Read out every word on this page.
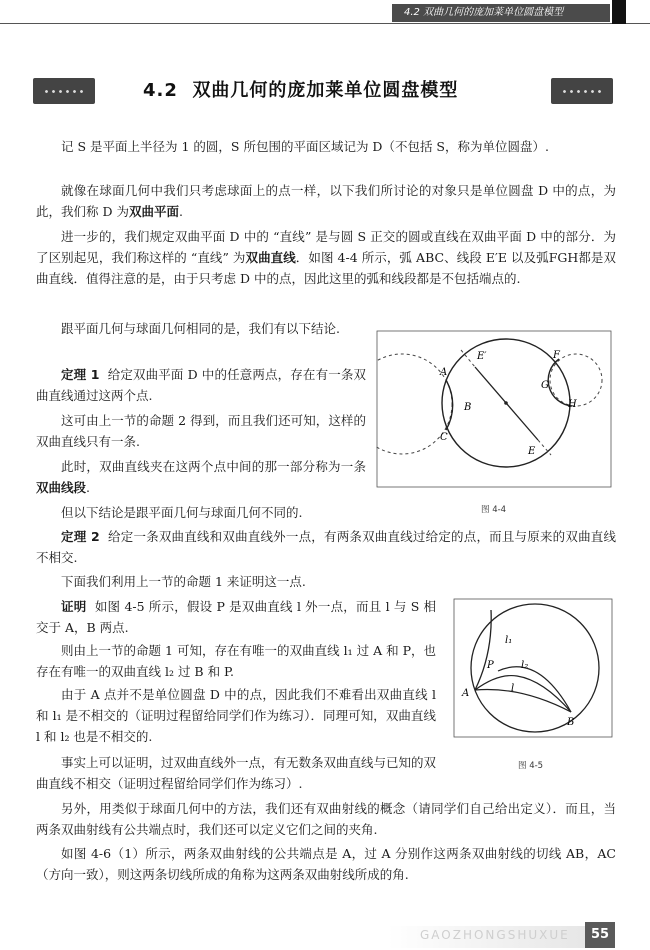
4.2 双曲几何的庞加莱单位圆盘模型
4.2 双曲几何的庞加莱单位圆盘模型

记 S 是平面上半径为 1 的圆，S 所包围的平面区域记为 D（不包括 S，称为单位圆盘）.

就像在球面几何中我们只考虑球面上的点一样，以下我们所讨论的对象只是单位圆盘 D 中的点，为此，我们称 D 为双曲平面.

进一步的，我们规定双曲平面 D 中的 “直线” 是与圆 S 正交的圆或直线在双曲平面 D 中的部分．为了区别起见，我们称这样的 “直线” 为双曲直线．如图 4-4 所示，弧 ABC、线段 E′E 以及弧FGH都是双曲直线．值得注意的是，由于只考虑 D 中的点，因此这里的弧和线段都是不包括端点的.

跟平面几何与球面几何相同的是，我们有以下结论.

定理 1 给定双曲平面 D 中的任意两点，存在有一条双曲直线通过这两个点.

这可由上一节的命题 2 得到，而且我们还可知，这样的双曲直线只有一条.

此时，双曲直线夹在这两个点中间的那一部分称为一条双曲线段.

但以下结论是跟平面几何与球面几何不同的.

A
B
C
E′
E
F
G
H
图 4-4

定理 2 给定一条双曲直线和双曲直线外一点，有两条双曲直线过给定的点，而且与原来的双曲直线不相交.

下面我们利用上一节的命题 1 来证明这一点.

证明 如图 4-5 所示，假设 P 是双曲直线 l 外一点，而且 l 与 S 相交于 A，B 两点.

则由上一节的命题 1 可知，存在有唯一的双曲直线 l₁ 过 A 和 P，也存在有唯一的双曲直线 l₂ 过 B 和 P.

由于 A 点并不是单位圆盘 D 中的点，因此我们不难看出双曲直线 l 和 l₁ 是不相交的（证明过程留给同学们作为练习）．同理可知，双曲直线 l 和 l₂ 也是不相交的.

事实上可以证明，过双曲直线外一点，有无数条双曲直线与已知的双曲直线不相交（证明过程留给同学们作为练习）.

l₁
l₂
P
l
A
B
图 4-5

另外，用类似于球面几何中的方法，我们还有双曲射线的概念（请同学们自己给出定义）．而且，当两条双曲射线有公共端点时，我们还可以定义它们之间的夹角.

如图 4-6（1）所示，两条双曲射线的公共端点是 A，过 A 分别作这两条双曲射线的切线 AB，AC（方向一致），则这两条切线所成的角称为这两条双曲射线所成的角.

GAOZHONGSHUXUE	55
